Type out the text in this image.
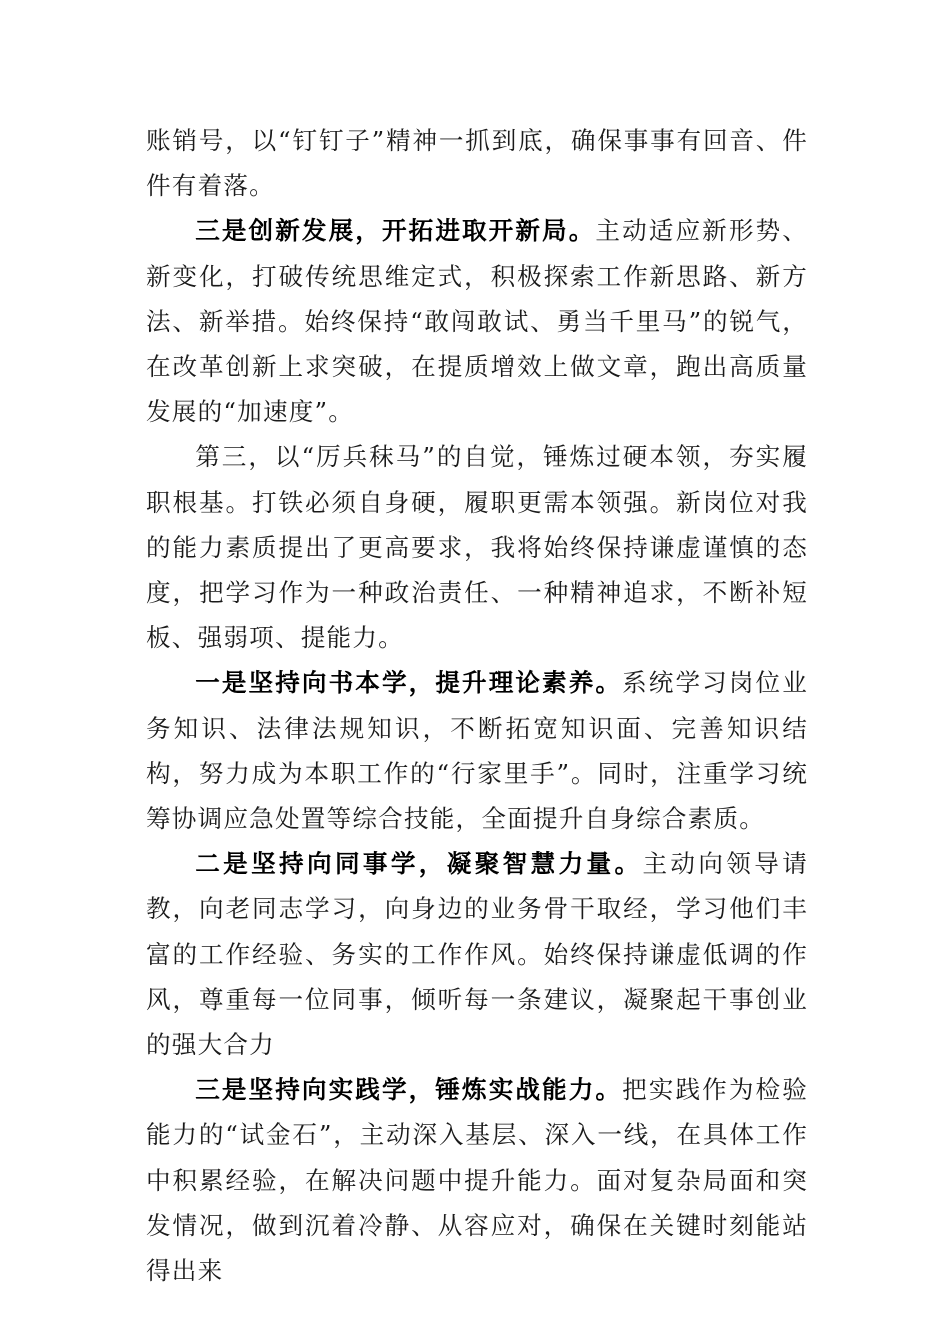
账销号，以“钉钉子”精神一抓到底，确保事事有回音、件件有着落。

三是创新发展，开拓进取开新局。主动适应新形势、新变化，打破传统思维定式，积极探索工作新思路、新方法、新举措。始终保持“敢闯敢试、勇当千里马”的锐气，在改革创新上求突破，在提质增效上做文章，跑出高质量发展的“加速度”。

第三，以“厉兵秣马”的自觉，锤炼过硬本领，夯实履职根基。打铁必须自身硬，履职更需本领强。新岗位对我的能力素质提出了更高要求，我将始终保持谦虚谨慎的态度，把学习作为一种政治责任、一种精神追求，不断补短板、强弱项、提能力。

一是坚持向书本学，提升理论素养。系统学习岗位业务知识、法律法规知识，不断拓宽知识面、完善知识结构，努力成为本职工作的“行家里手”。同时，注重学习统筹协调应急处置等综合技能，全面提升自身综合素质。

二是坚持向同事学，凝聚智慧力量。主动向领导请教，向老同志学习，向身边的业务骨干取经，学习他们丰富的工作经验、务实的工作作风。始终保持谦虚低调的作风，尊重每一位同事，倾听每一条建议，凝聚起干事创业的强大合力

三是坚持向实践学，锤炼实战能力。把实践作为检验能力的“试金石”，主动深入基层、深入一线，在具体工作中积累经验，在解决问题中提升能力。面对复杂局面和突发情况，做到沉着冷静、从容应对，确保在关键时刻能站得出来
